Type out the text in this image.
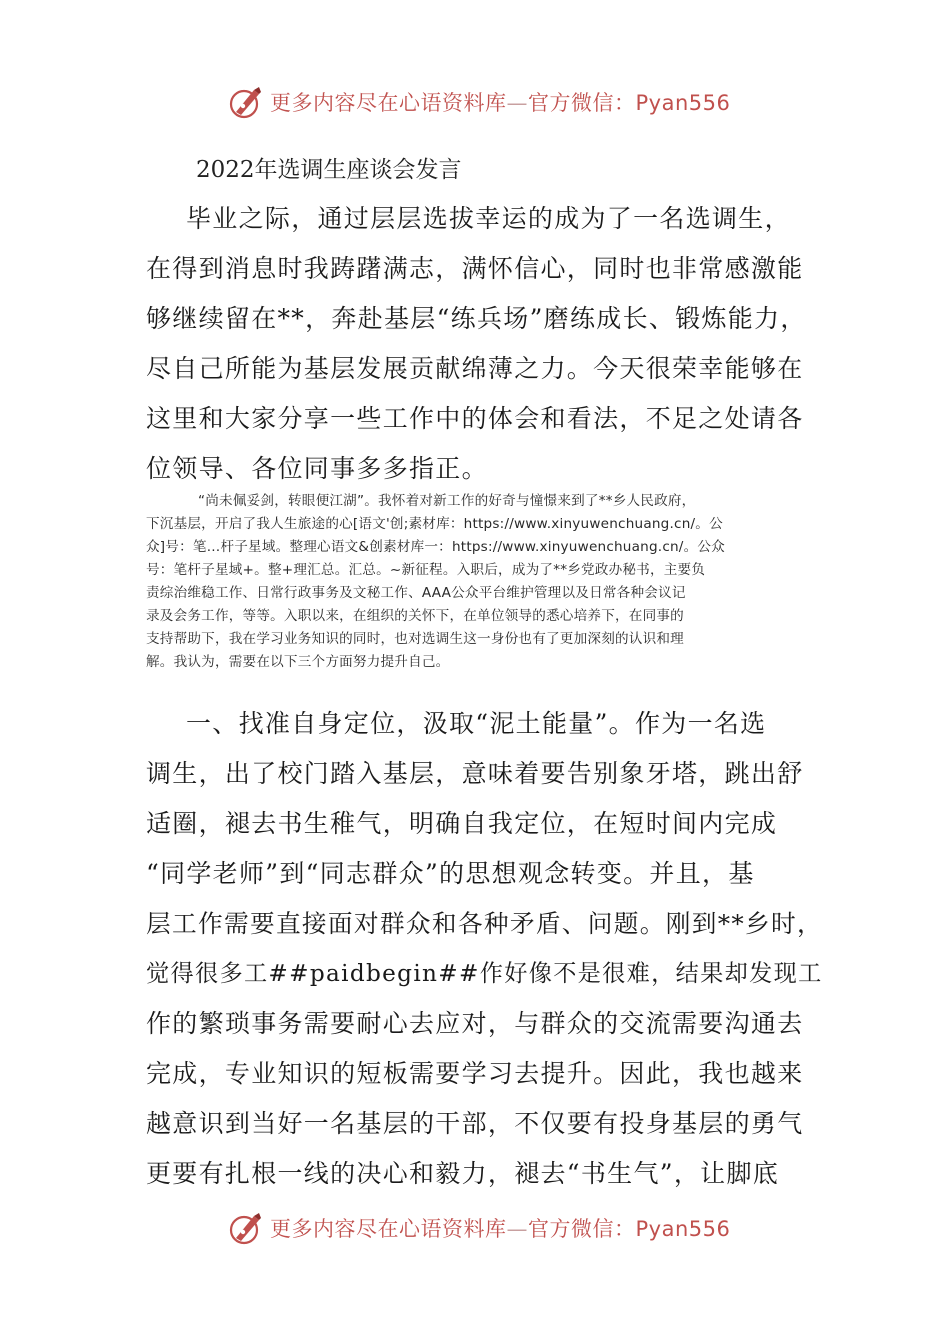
更多内容尽在心语资料库—官方微信：Pyan556
2022年选调生座谈会发言
毕业之际，通过层层选拔幸运的成为了一名选调生，
在得到消息时我踌躇满志，满怀信心，同时也非常感激能
够继续留在**，奔赴基层“练兵场”磨练成长、锻炼能力，
尽自己所能为基层发展贡献绵薄之力。今天很荣幸能够在
这里和大家分享一些工作中的体会和看法，不足之处请各
位领导、各位同事多多指正。
“尚未佩妥剑，转眼便江湖”。我怀着对新工作的好奇与憧憬来到了**乡人民政府，
下沉基层，开启了我人生旅途的心[语文'创;素材库：https://www.xinyuwenchuang.cn/。公
众]号：笔…杆子星域。整理心语文&创素材库一：https://www.xinyuwenchuang.cn/。公众
号：笔杆子星域+。整+理汇总。汇总。~新征程。入职后，成为了**乡党政办秘书，主要负
责综治维稳工作、日常行政事务及文秘工作、AAA公众平台维护管理以及日常各种会议记
录及会务工作，等等。入职以来，在组织的关怀下，在单位领导的悉心培养下，在同事的
支持帮助下，我在学习业务知识的同时，也对选调生这一身份也有了更加深刻的认识和理
解。我认为，需要在以下三个方面努力提升自己。
一、找准自身定位，汲取“泥土能量”。作为一名选
调生，出了校门踏入基层，意味着要告别象牙塔，跳出舒
适圈，褪去书生稚气，明确自我定位，在短时间内完成
“同学老师”到“同志群众”的思想观念转变。并且，基
层工作需要直接面对群众和各种矛盾、问题。刚到**乡时，
觉得很多工##paidbegin##作好像不是很难，结果却发现工
作的繁琐事务需要耐心去应对，与群众的交流需要沟通去
完成，专业知识的短板需要学习去提升。因此，我也越来
越意识到当好一名基层的干部，不仅要有投身基层的勇气
更要有扎根一线的决心和毅力，褪去“书生气”，让脚底
更多内容尽在心语资料库—官方微信：Pyan556
